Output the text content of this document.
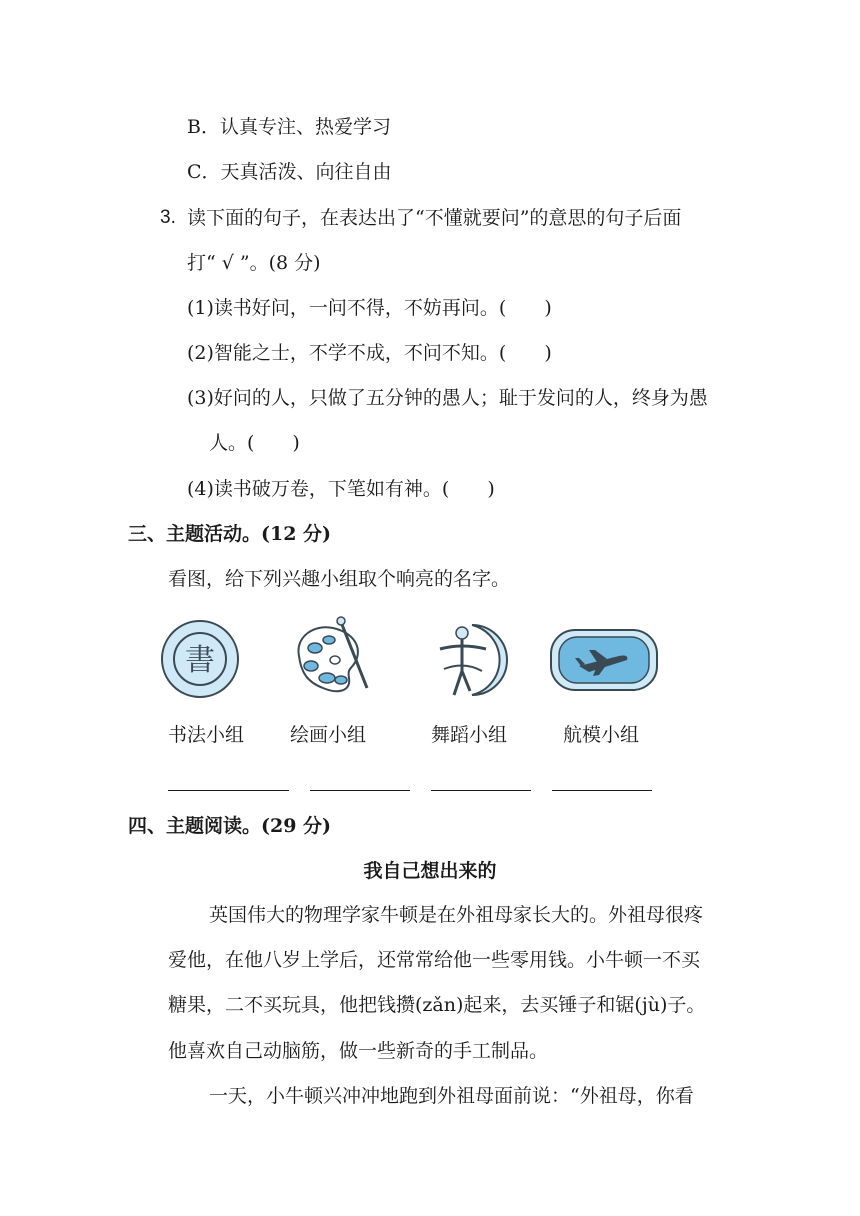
B．认真专注、热爱学习
C．天真活泼、向往自由
3. 读下面的句子，在表达出了“不懂就要问”的意思的句子后面
打“ √ ”。(8 分)
(1)读书好问，一问不得，不妨再问。(　　)
(2)智能之士，不学不成，不问不知。(　　)
(3)好问的人，只做了五分钟的愚人；耻于发问的人，终身为愚
人。(　　)
(4)读书破万卷，下笔如有神。(　　)
三、主题活动。(12 分)
看图，给下列兴趣小组取个响亮的名字。
書
书法小组 绘画小组	舞蹈小组	航模小组
四、主题阅读。(29 分)
我自己想出来的
英国伟大的物理学家牛顿是在外祖母家长大的。外祖母很疼
爱他，在他八岁上学后，还常常给他一些零用钱。小牛顿一不买
糖果，二不买玩具，他把钱攒(zǎn)起来，去买锤子和锯(jù)子。
他喜欢自己动脑筋，做一些新奇的手工制品。
一天，小牛顿兴冲冲地跑到外祖母面前说：“外祖母，你看
